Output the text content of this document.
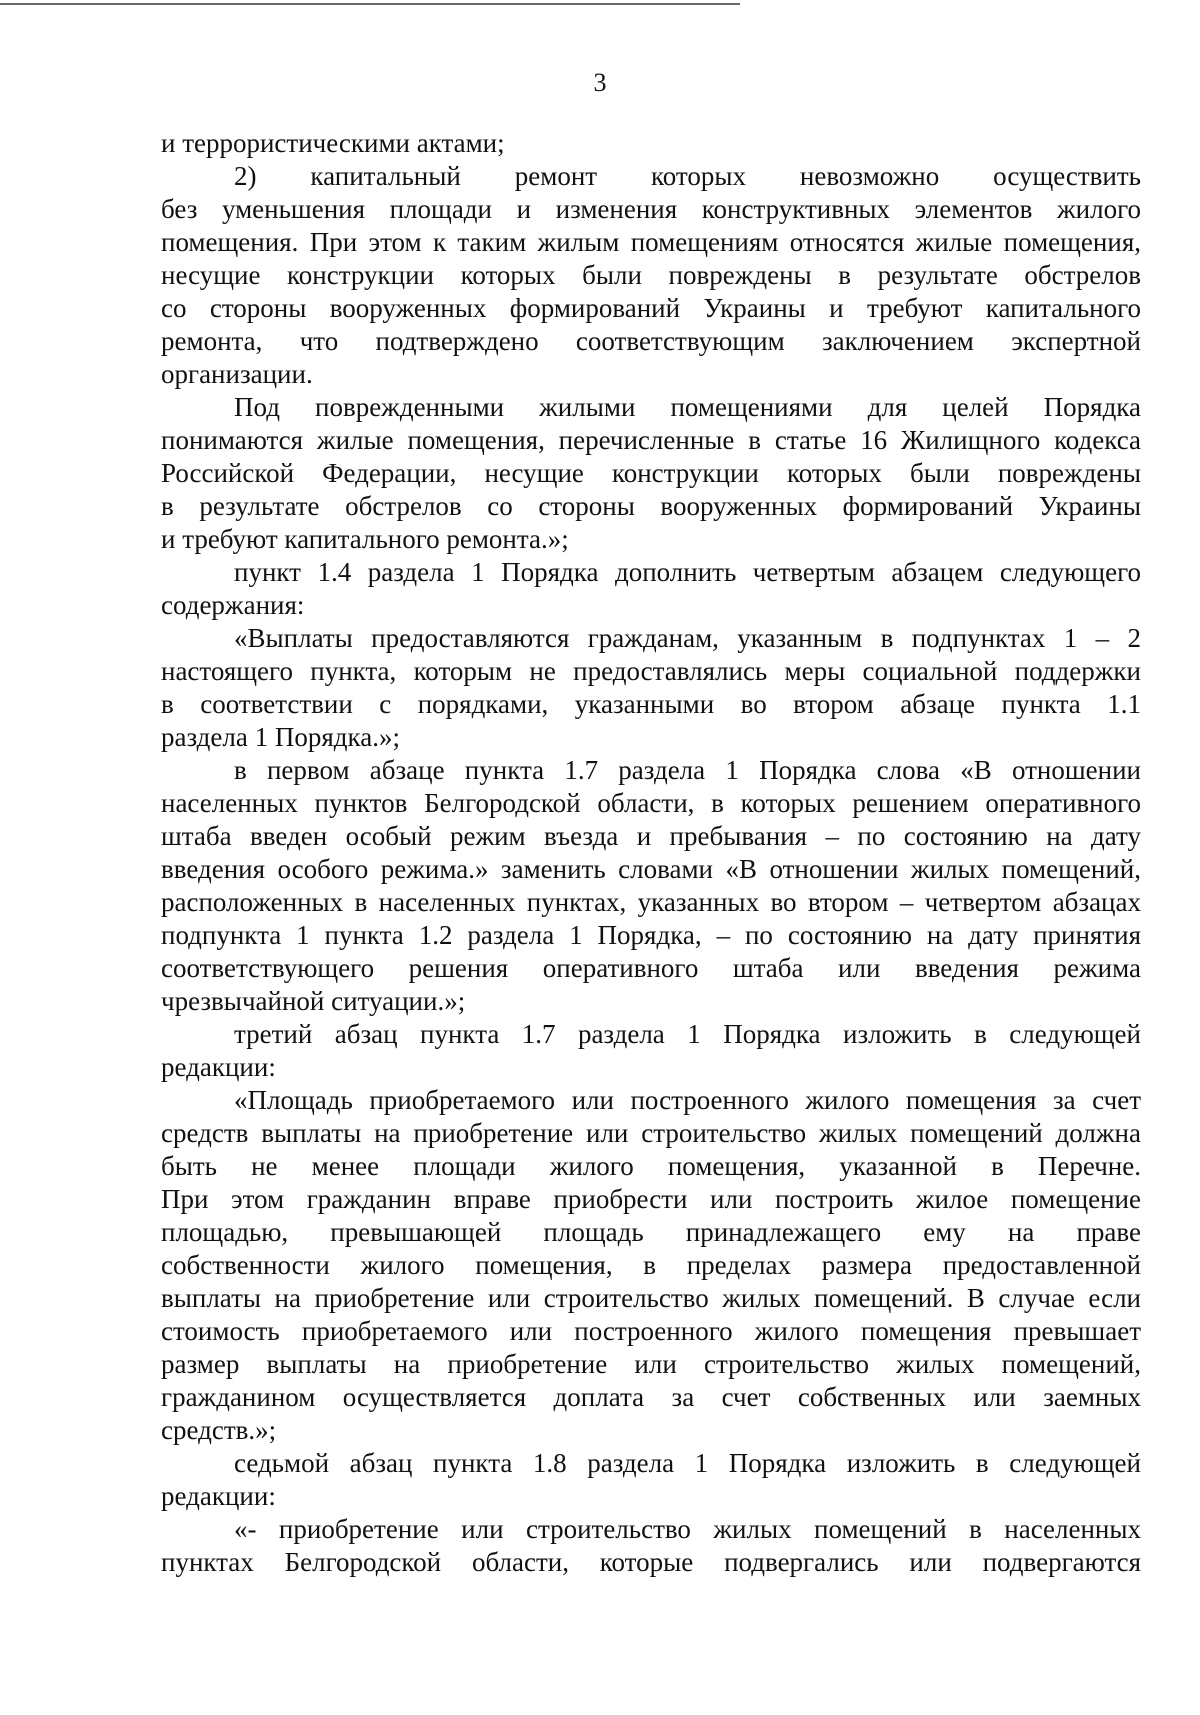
3
и террористическими актами;
2) капитальный ремонт которых невозможно осуществить
без уменьшения площади и изменения конструктивных элементов жилого
помещения. При этом к таким жилым помещениям относятся жилые помещения,
несущие конструкции которых были повреждены в результате обстрелов
со стороны вооруженных формирований Украины и требуют капитального
ремонта, что подтверждено соответствующим заключением экспертной
организации.
Под поврежденными жилыми помещениями для целей Порядка
понимаются жилые помещения, перечисленные в статье 16 Жилищного кодекса
Российской Федерации, несущие конструкции которых были повреждены
в результате обстрелов со стороны вооруженных формирований Украины
и требуют капитального ремонта.»;
пункт 1.4 раздела 1 Порядка дополнить четвертым абзацем следующего
содержания:
«Выплаты предоставляются гражданам, указанным в подпунктах 1 – 2
настоящего пункта, которым не предоставлялись меры социальной поддержки
в соответствии с порядками, указанными во втором абзаце пункта 1.1
раздела 1 Порядка.»;
в первом абзаце пункта 1.7 раздела 1 Порядка слова «В отношении
населенных пунктов Белгородской области, в которых решением оперативного
штаба введен особый режим въезда и пребывания – по состоянию на дату
введения особого режима.» заменить словами «В отношении жилых помещений,
расположенных в населенных пунктах, указанных во втором – четвертом абзацах
подпункта 1 пункта 1.2 раздела 1 Порядка, – по состоянию на дату принятия
соответствующего решения оперативного штаба или введения режима
чрезвычайной ситуации.»;
третий абзац пункта 1.7 раздела 1 Порядка изложить в следующей
редакции:
«Площадь приобретаемого или построенного жилого помещения за счет
средств выплаты на приобретение или строительство жилых помещений должна
быть не менее площади жилого помещения, указанной в Перечне.
При этом гражданин вправе приобрести или построить жилое помещение
площадью, превышающей площадь принадлежащего ему на праве
собственности жилого помещения, в пределах размера предоставленной
выплаты на приобретение или строительство жилых помещений. В случае если
стоимость приобретаемого или построенного жилого помещения превышает
размер выплаты на приобретение или строительство жилых помещений,
гражданином осуществляется доплата за счет собственных или заемных
средств.»;
седьмой абзац пункта 1.8 раздела 1 Порядка изложить в следующей
редакции:
«- приобретение или строительство жилых помещений в населенных
пунктах Белгородской области, которые подвергались или подвергаются
